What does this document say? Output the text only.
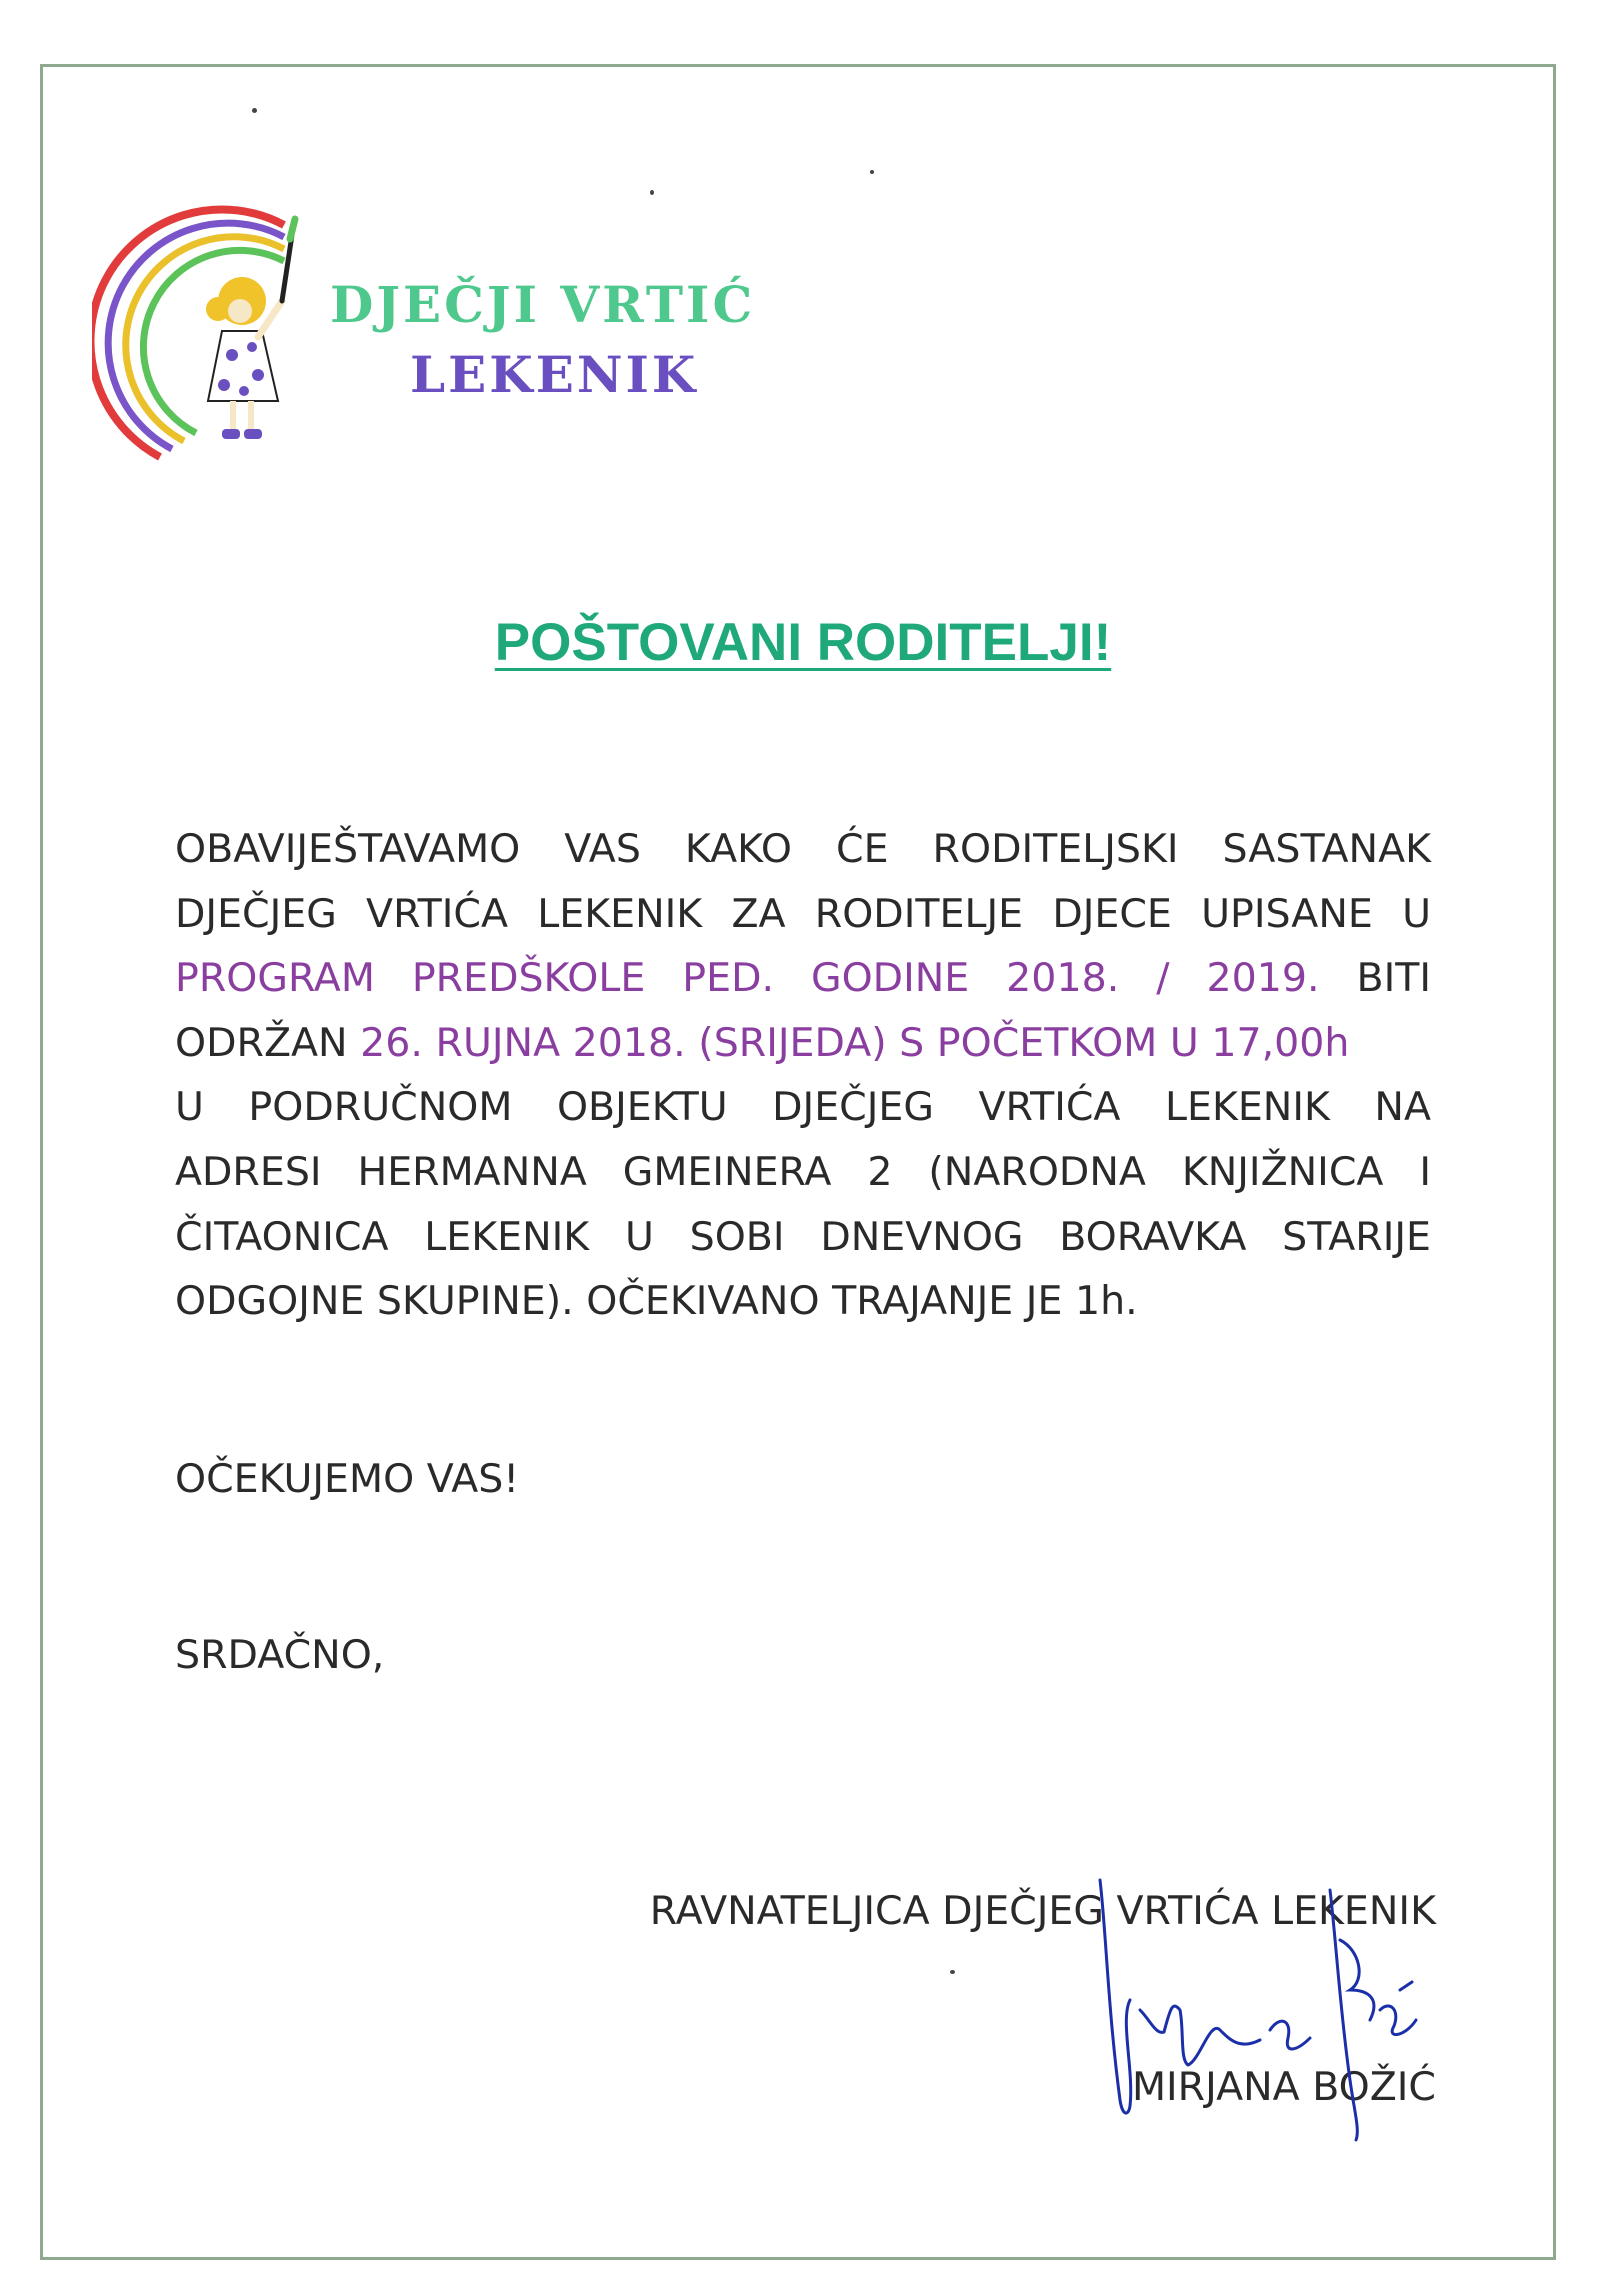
DJEČJI VRTIĆ
LEKENIK
POŠTOVANI RODITELJI!
OBAVIJEŠTAVAMO VAS KAKO ĆE RODITELJSKI SASTANAK
DJEČJEG VRTIĆA LEKENIK ZA RODITELJE DJECE UPISANE U
PROGRAM PREDŠKOLE PED. GODINE 2018. / 2019. BITI
ODRŽAN 26. RUJNA 2018. (SRIJEDA) S POČETKOM U 17,00h
U PODRUČNOM OBJEKTU DJEČJEG VRTIĆA LEKENIK NA
ADRESI HERMANNA GMEINERA 2 (NARODNA KNJIŽNICA I
ČITAONICA LEKENIK U SOBI DNEVNOG BORAVKA STARIJE
ODGOJNE SKUPINE). OČEKIVANO TRAJANJE JE 1h.
OČEKUJEMO VAS!
SRDAČNO,
RAVNATELJICA DJEČJEG VRTIĆA LEKENIK
MIRJANA BOŽIĆ
